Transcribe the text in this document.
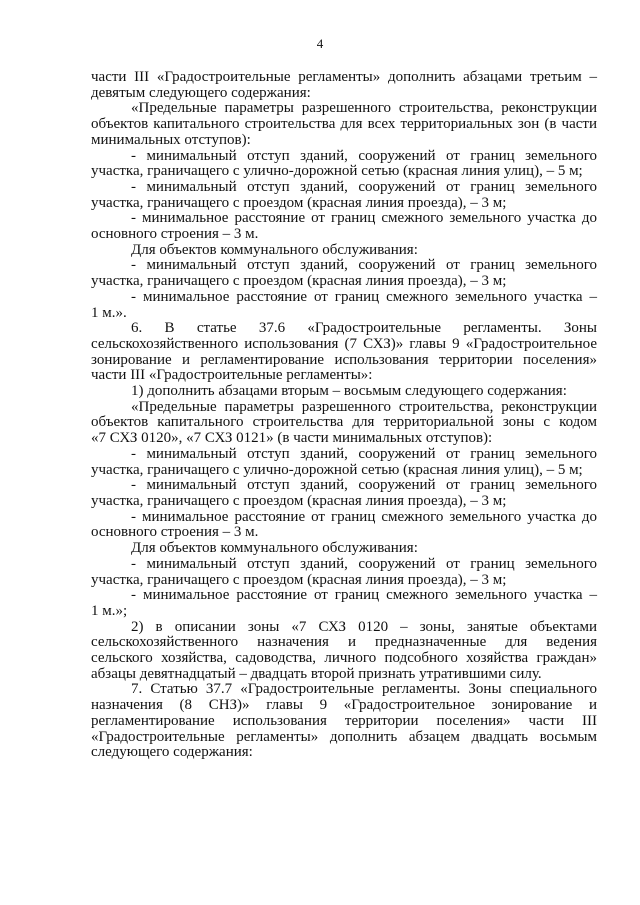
4

части III «Градостроительные регламенты» дополнить абзацами третьим –

девятым следующего содержания:

«Предельные параметры разрешенного строительства, реконструкции

объектов капитального строительства для всех территориальных зон (в части

минимальных отступов):

- минимальный отступ зданий, сооружений от границ земельного

участка, граничащего с улично-дорожной сетью (красная линия улиц), – 5 м;

- минимальный отступ зданий, сооружений от границ земельного

участка, граничащего с проездом (красная линия проезда), – 3 м;

- минимальное расстояние от границ смежного земельного участка до

основного строения – 3 м.

Для объектов коммунального обслуживания:

- минимальный отступ зданий, сооружений от границ земельного

участка, граничащего с проездом (красная линия проезда), – 3 м;

- минимальное расстояние от границ смежного земельного участка –

1 м.».

6. В статье 37.6 «Градостроительные регламенты. Зоны

сельскохозяйственного использования (7 СХЗ)» главы 9 «Градостроительное

зонирование и регламентирование использования территории поселения»

части III «Градостроительные регламенты»:

1) дополнить абзацами вторым – восьмым следующего содержания:

«Предельные параметры разрешенного строительства, реконструкции

объектов капитального строительства для территориальной зоны с кодом

«7 СХЗ 0120», «7 СХЗ 0121» (в части минимальных отступов):

- минимальный отступ зданий, сооружений от границ земельного

участка, граничащего с улично-дорожной сетью (красная линия улиц), – 5 м;

- минимальный отступ зданий, сооружений от границ земельного

участка, граничащего с проездом (красная линия проезда), – 3 м;

- минимальное расстояние от границ смежного земельного участка до

основного строения – 3 м.

Для объектов коммунального обслуживания:

- минимальный отступ зданий, сооружений от границ земельного

участка, граничащего с проездом (красная линия проезда), – 3 м;

- минимальное расстояние от границ смежного земельного участка –

1 м.»;

2) в описании зоны «7 СХЗ 0120 – зоны, занятые объектами

сельскохозяйственного назначения и предназначенные для ведения

сельского хозяйства, садоводства, личного подсобного хозяйства граждан»

абзацы девятнадцатый – двадцать второй признать утратившими силу.

7. Статью 37.7 «Градостроительные регламенты. Зоны специального

назначения (8 СНЗ)» главы 9 «Градостроительное зонирование и

регламентирование использования территории поселения» части III

«Градостроительные регламенты» дополнить абзацем двадцать восьмым

следующего содержания:
